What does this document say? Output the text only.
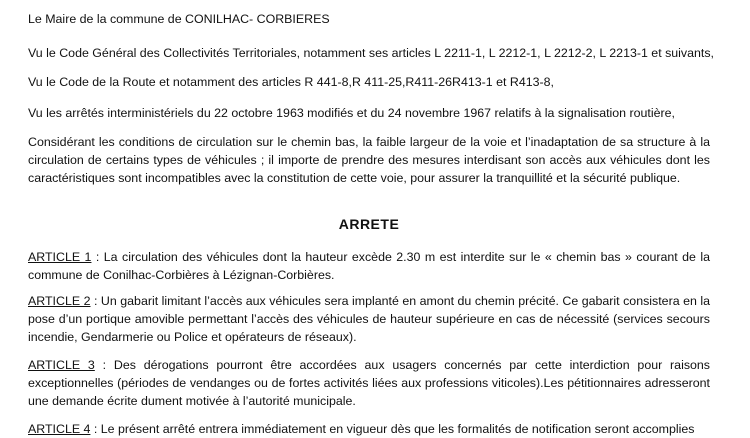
Le Maire de la commune de CONILHAC- CORBIERES

Vu le Code Général des Collectivités Territoriales, notamment ses articles L 2211-1, L 2212-1, L 2212-2, L 2213-1 et suivants,

Vu le Code de la Route et notamment des articles R 441-8,R 411-25,R411-26R413-1 et R413-8,

Vu les arrêtés interministériels du 22 octobre 1963 modifiés et du 24 novembre 1967 relatifs à la signalisation routière,

Considérant les conditions de circulation sur le chemin bas, la faible largeur de la voie et l’inadaptation de sa structure à la circulation de certains types de véhicules ; il importe de prendre des mesures interdisant son accès aux véhicules dont les caractéristiques sont incompatibles avec la constitution de cette voie, pour assurer la tranquillité et la sécurité publique.

ARRETE

ARTICLE 1 : La circulation des véhicules dont la hauteur excède 2.30 m est interdite sur le « chemin bas » courant de la commune de Conilhac-Corbières à Lézignan-Corbières.

ARTICLE 2 : Un gabarit limitant l’accès aux véhicules sera implanté en amont du chemin précité. Ce gabarit consistera en la pose d’un portique amovible permettant l’accès des véhicules de hauteur supérieure en cas de nécessité (services secours incendie, Gendarmerie ou Police et opérateurs de réseaux).

ARTICLE 3 : Des dérogations pourront être accordées aux usagers concernés par cette interdiction pour raisons exceptionnelles (périodes de vendanges ou de fortes activités liées aux professions viticoles).Les pétitionnaires adresseront une demande écrite dument motivée à l’autorité municipale.

ARTICLE 4 : Le présent arrêté entrera immédiatement en vigueur dès que les formalités de notification seront accomplies
